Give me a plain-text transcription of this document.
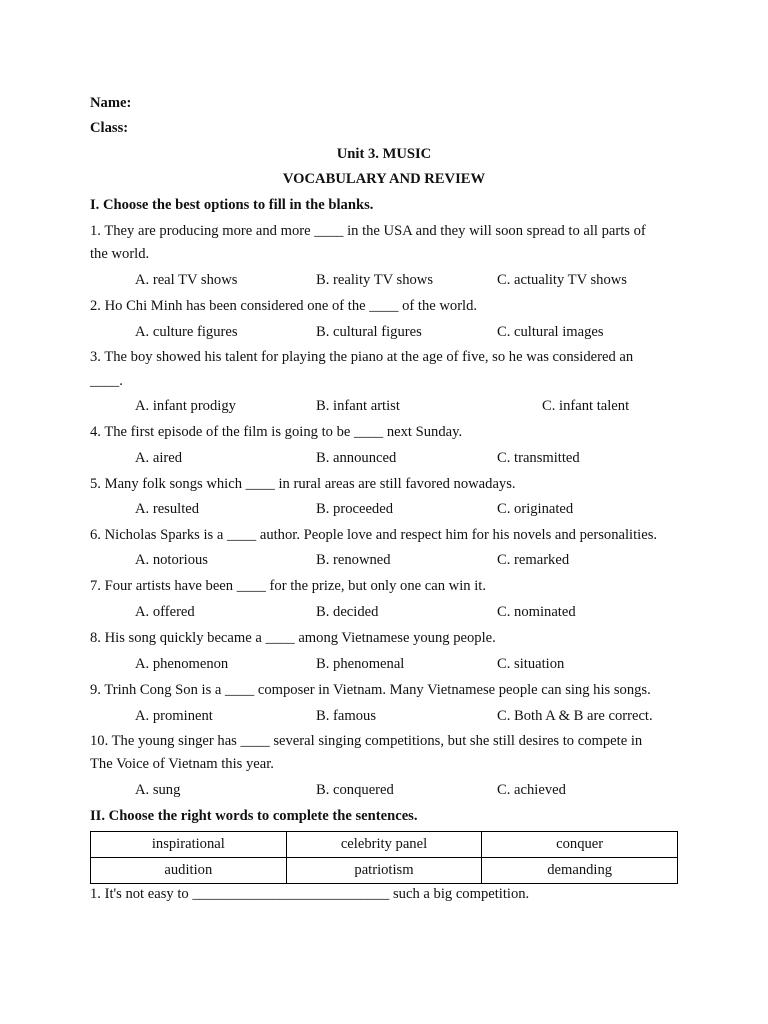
Name:
Class:
Unit 3. MUSIC
VOCABULARY AND REVIEW
I. Choose the best options to fill in the blanks.
1. They are producing more and more ____ in the USA and they will soon spread to all parts of
the world.
A. real TV shows	B. reality TV shows	C. actuality TV shows
2. Ho Chi Minh has been considered one of the ____ of the world.
A. culture figures	B. cultural figures	C. cultural images
3. The boy showed his talent for playing the piano at the age of five, so he was considered an
____.
A. infant prodigy	B. infant artist	C. infant talent
4. The first episode of the film is going to be ____ next Sunday.
A. aired	B. announced	C. transmitted
5. Many folk songs which ____ in rural areas are still favored nowadays.
A. resulted	B. proceeded	C. originated
6. Nicholas Sparks is a ____ author. People love and respect him for his novels and personalities.
A. notorious	B. renowned	C. remarked
7. Four artists have been ____ for the prize, but only one can win it.
A. offered	B. decided	C. nominated
8. His song quickly became a ____ among Vietnamese young people.
A. phenomenon	B. phenomenal	C. situation
9. Trinh Cong Son is a ____ composer in Vietnam. Many Vietnamese people can sing his songs.
A. prominent	B. famous	C. Both A & B are correct.
10. The young singer has ____ several singing competitions, but she still desires to compete in
The Voice of Vietnam this year.
A. sung	B. conquered	C. achieved
II. Choose the right words to complete the sentences.
inspirational	celebrity panel	conquer
audition	patriotism	demanding
1. It's not easy to ___________________________ such a big competition.
